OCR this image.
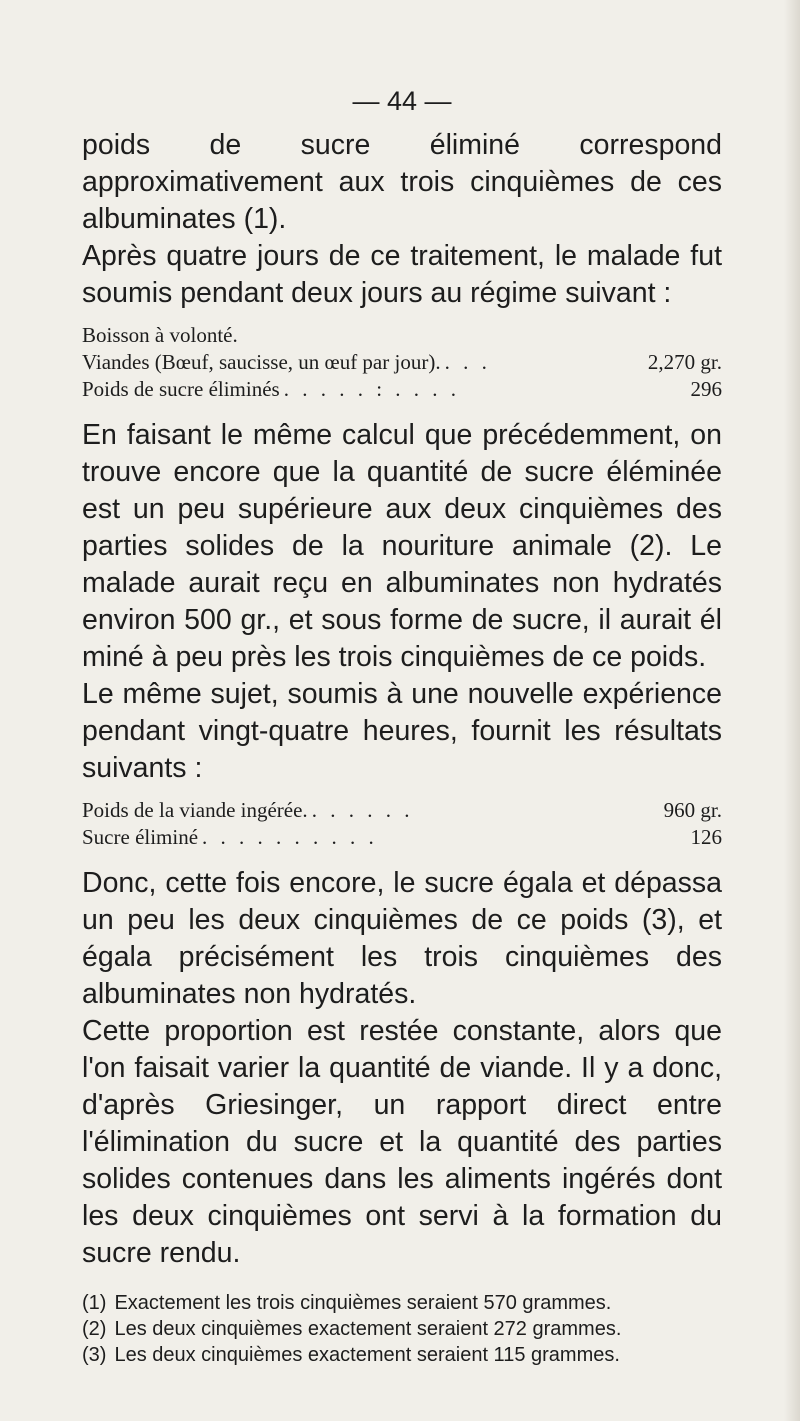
— 44 —

poids de sucre éliminé correspond approximativement aux trois cinquièmes de ces albuminates (1).

Après quatre jours de ce traitement, le malade fut soumis pendant deux jours au régime suivant :

Boisson à volonté.
Viandes (Bœuf, saucisse, un œuf par jour). . . .	2,270 gr.
Poids de sucre éliminés . . . . . : . . . .	296

En faisant le même calcul que précédemment, on trouve encore que la quantité de sucre éléminée est un peu supérieure aux deux cinquièmes des parties solides de la nouriture animale (2). Le malade aurait reçu en albuminates non hydratés environ 500 gr., et sous forme de sucre, il aurait él miné à peu près les trois cinquièmes de ce poids.

Le même sujet, soumis à une nouvelle expérience pendant vingt-quatre heures, fournit les résultats suivants :

Poids de la viande ingérée. . . . . . .	960 gr.
Sucre éliminé . . . . . . . . . .	126

Donc, cette fois encore, le sucre égala et dépassa un peu les deux cinquièmes de ce poids (3), et égala précisément les trois cinquièmes des albuminates non hydratés.

Cette proportion est restée constante, alors que l'on faisait varier la quantité de viande. Il y a donc, d'après Griesinger, un rapport direct entre l'élimination du sucre et la quantité des parties solides contenues dans les aliments ingérés dont les deux cinquièmes ont servi à la formation du sucre rendu.

(1) Exactement les trois cinquièmes seraient 570 grammes.
(2) Les deux cinquièmes exactement seraient 272 grammes.
(3) Les deux cinquièmes exactement seraient 115 grammes.
